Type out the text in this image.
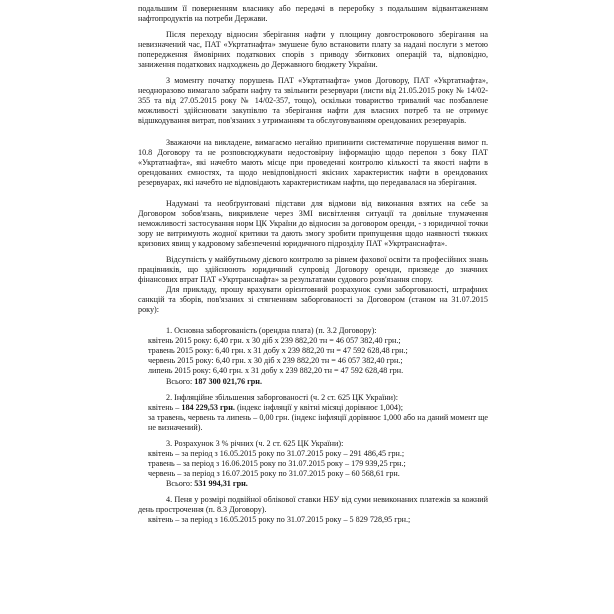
подальшим її поверненням власнику або передачі в переробку з подальшим відвантаженням нафтопродуктів на потреби Держави.

Після переходу відносин зберігання нафти у площину довгострокового зберігання на невизначений час, ПАТ «Укртатнафта» змушене було встановити плату за надані послуги з метою попередження ймовірних податкових спорів з приводу збиткових операцій та, відповідно, заниження податкових надходжень до Державного бюджету України.

З моменту початку порушень ПАТ «Укртатнафта» умов Договору, ПАТ «Укртатнафта», неодноразово вимагало забрати нафту та звільнити резервуари (листи від 21.05.2015 року № 14/02-355 та від 27.05.2015 року № 14/02-357, тощо), оскільки товариство тривалий час позбавлене можливості здійснювати закупівлю та зберігання нафти для власних потреб та не отримує відшкодування витрат, пов'язаних з утриманням та обслуговуванням орендованих резервуарів.

Зважаючи на викладене, вимагаємо негайно припинити систематичне порушення вимог п. 10.8 Договору та не розповсюджувати недостовірну інформацію щодо перепон з боку ПАТ «Укртатнафта», які начебто мають місце при проведенні контролю кількості та якості нафти в орендованих ємностях, та щодо невідповідності якісних характеристик нафти в орендованих резервуарах, які начебто не відповідають характеристикам нафти, що передавалася на зберігання.

Надумані та необґрунтовані підстави для відмови від виконання взятих на себе за Договором зобов'язань, викривлене через ЗМІ висвітлення ситуації та довільне тлумачення неможливості застосування норм ЦК України до відносин за договором оренди, - з юридичної точки зору не витримують жодної критики та дають змогу зробити припущення щодо наявності тяжких кризових явищ у кадровому забезпеченні юридичного підрозділу ПАТ «Укртранснафта».

Відсутність у майбутньому дієвого контролю за рівнем фахової освіти та професійних знань працівників, що здійснюють юридичний супровід Договору оренди, призведе до значних фінансових втрат ПАТ «Укртранснафта» за результатами судового розв'язання спору.

Для прикладу, прошу врахувати орієнтовний розрахунок суми заборгованості, штрафних санкцій та зборів, пов'язаних зі стягненням заборгованості за Договором (станом на 31.07.2015 року):

1. Основна заборгованість (орендна плата) (п. 3.2 Договору):

квітень 2015 року: 6,40 грн. х 30 діб х 239 882,20 тн = 46 057 382,40 грн.;

травень 2015 року: 6,40 грн. х 31 добу х 239 882,20 тн = 47 592 628,48 грн.;

червень 2015 року: 6,40 грн. х 30 діб х 239 882,20 тн = 46 057 382,40 грн.;

липень 2015 року: 6,40 грн. х 31 добу х 239 882,20 тн = 47 592 628,48 грн.

Всього: 187 300 021,76 грн.

2. Інфляційне збільшення заборгованості (ч. 2 ст. 625 ЦК України):

квітень – 184 229,53 грн. (індекс інфляції у квітні місяці дорівнює 1,004);

за травень, червень та липень – 0,00 грн. (індекс інфляції дорівнює 1,000 або на даний момент ще не визначений).

3. Розрахунок 3 % річних (ч. 2 ст. 625 ЦК України):

квітень – за період з 16.05.2015 року по 31.07.2015 року – 291 486,45 грн.;

травень – за період з 16.06.2015 року по 31.07.2015 року – 179 939,25 грн.;

червень – за період з 16.07.2015 року по 31.07.2015 року – 60 568,61 грн.

Всього: 531 994,31 грн.

4. Пеня у розмірі подвійної облікової ставки НБУ від суми невиконаних платежів за кожний день прострочення (п. 8.3 Договору).

квітень – за період з 16.05.2015 року по 31.07.2015 року – 5 829 728,95 грн.;
